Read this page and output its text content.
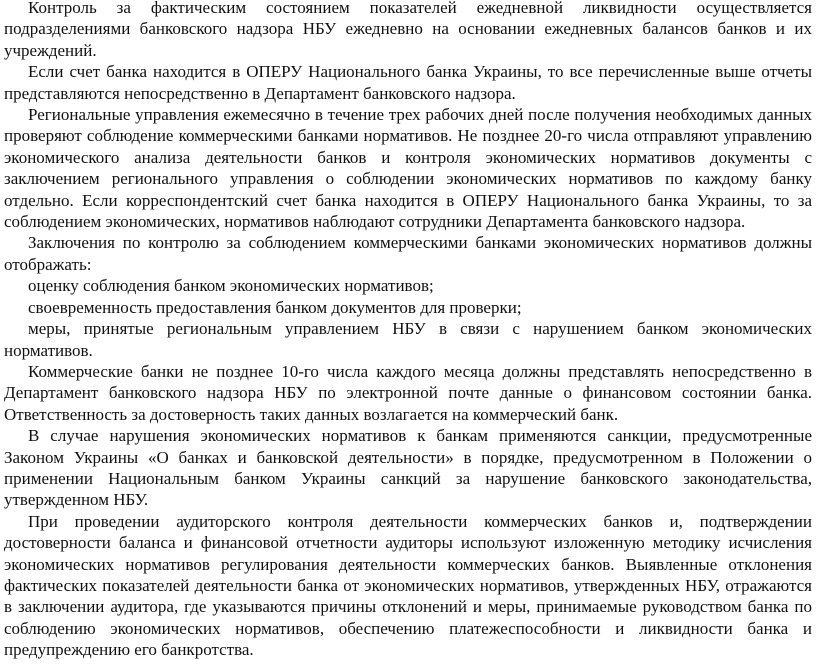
Контроль за фактическим состоянием показателей ежедневной ликвидности осуществляется подразделениями банковского надзора НБУ ежедневно на основании ежедневных балансов банков и их учреждений.

Если счет банка находится в ОПЕРУ Национального банка Украины, то все перечисленные выше отчеты представляются непосредственно в Департамент банковского надзора.

Региональные управления ежемесячно в течение трех рабочих дней после получения необходимых данных проверяют соблюдение коммерческими банками нормативов. Не позднее 20-го числа отправляют управлению экономического анализа деятельности банков и контроля экономических нормативов документы с заключением регионального управления о соблюдении экономических нормативов по каждому банку отдельно. Если корреспондентский счет банка находится в ОПЕРУ Национального банка Украины, то за соблюдением экономических, нормативов наблюдают сотрудники Департамента банковского надзора.

Заключения по контролю за соблюдением коммерческими банками экономических нормативов должны отображать:

оценку соблюдения банком экономических нормативов;

своевременность предоставления банком документов для проверки;

меры, принятые региональным управлением НБУ в связи с нарушением банком экономических нормативов.

Коммерческие банки не позднее 10-го числа каждого месяца должны представлять непосредственно в Департамент банковского надзора НБУ по электронной почте данные о финансовом состоянии банка. Ответственность за достоверность таких данных возлагается на коммерческий банк.

В случае нарушения экономических нормативов к банкам применяются санкции, предусмотренные Законом Украины «О банках и банковской деятельности» в порядке, предусмотренном в Положении о применении Национальным банком Украины санкций за нарушение банковского законодательства, утвержденном НБУ.

При проведении аудиторского контроля деятельности коммерческих банков и, подтверждении достоверности баланса и финансовой отчетности аудиторы используют изложенную методику исчисления экономических нормативов регулирования деятельности коммерческих банков. Выявленные отклонения фактических показателей деятельности банка от экономических нормативов, утвержденных НБУ, отражаются в заключении аудитора, где указываются причины отклонений и меры, принимаемые руководством банка по соблюдению экономических нормативов, обеспечению платежеспособности и ликвидности банка и предупреждению его банкротства.
